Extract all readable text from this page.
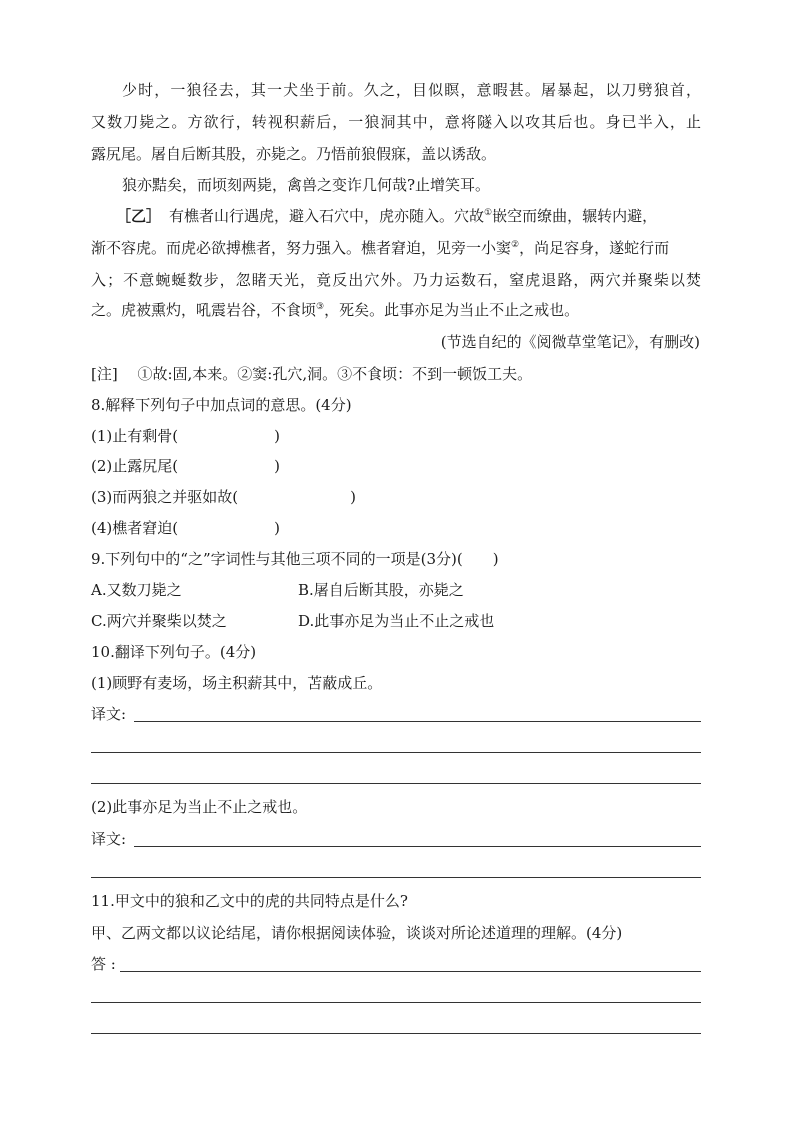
少时，一狼径去，其一犬坐于前。久之，目似瞑，意暇甚。屠暴起，以刀劈狼首，
又数刀毙之。方欲行，转视积薪后，一狼洞其中，意将隧入以攻其后也。身已半入，止
露尻尾。屠自后断其股，亦毙之。乃悟前狼假寐，盖以诱敌。
狼亦黠矣，而顷刻两毙，禽兽之变诈几何哉?止增笑耳。
［乙］ 有樵者山行遇虎，避入石穴中，虎亦随入。穴故①嵌空而缭曲，辗转内避，
渐不容虎。而虎必欲搏樵者，努力强入。樵者窘迫，见旁一小窦②，尚足容身，遂蛇行而
入；不意蜿蜒数步，忽睹天光，竟反出穴外。乃力运数石，窒虎退路，两穴并聚柴以焚
之。虎被熏灼，吼震岩谷，不食顷③，死矣。此事亦足为当止不止之戒也。
(节选自纪的《阅微草堂笔记》，有删改)
[注]　 ①故:固,本来。②窦:孔穴,洞。③不食顷：不到一顿饭工夫。
8.解释下列句子中加点词的意思。(4分)
(1)止有剩骨(	)
(2)止露尻尾(	)
(3)而两狼之并驱如故(	)
(4)樵者窘迫(	)
9.下列句中的“之”字词性与其他三项不同的一项是(3分)(　　)
A.又数刀毙之	B.屠自后断其股，亦毙之
C.两穴并聚柴以焚之	D.此事亦足为当止不止之戒也
10.翻译下列句子。(4分)
(1)顾野有麦场，场主积薪其中，苫蔽成丘。
译文:
(2)此事亦足为当止不止之戒也。
译文:
11.甲文中的狼和乙文中的虎的共同特点是什么?
甲、乙两文都以议论结尾，请你根据阅读体验，谈谈对所论述道理的理解。(4分)
答 :
